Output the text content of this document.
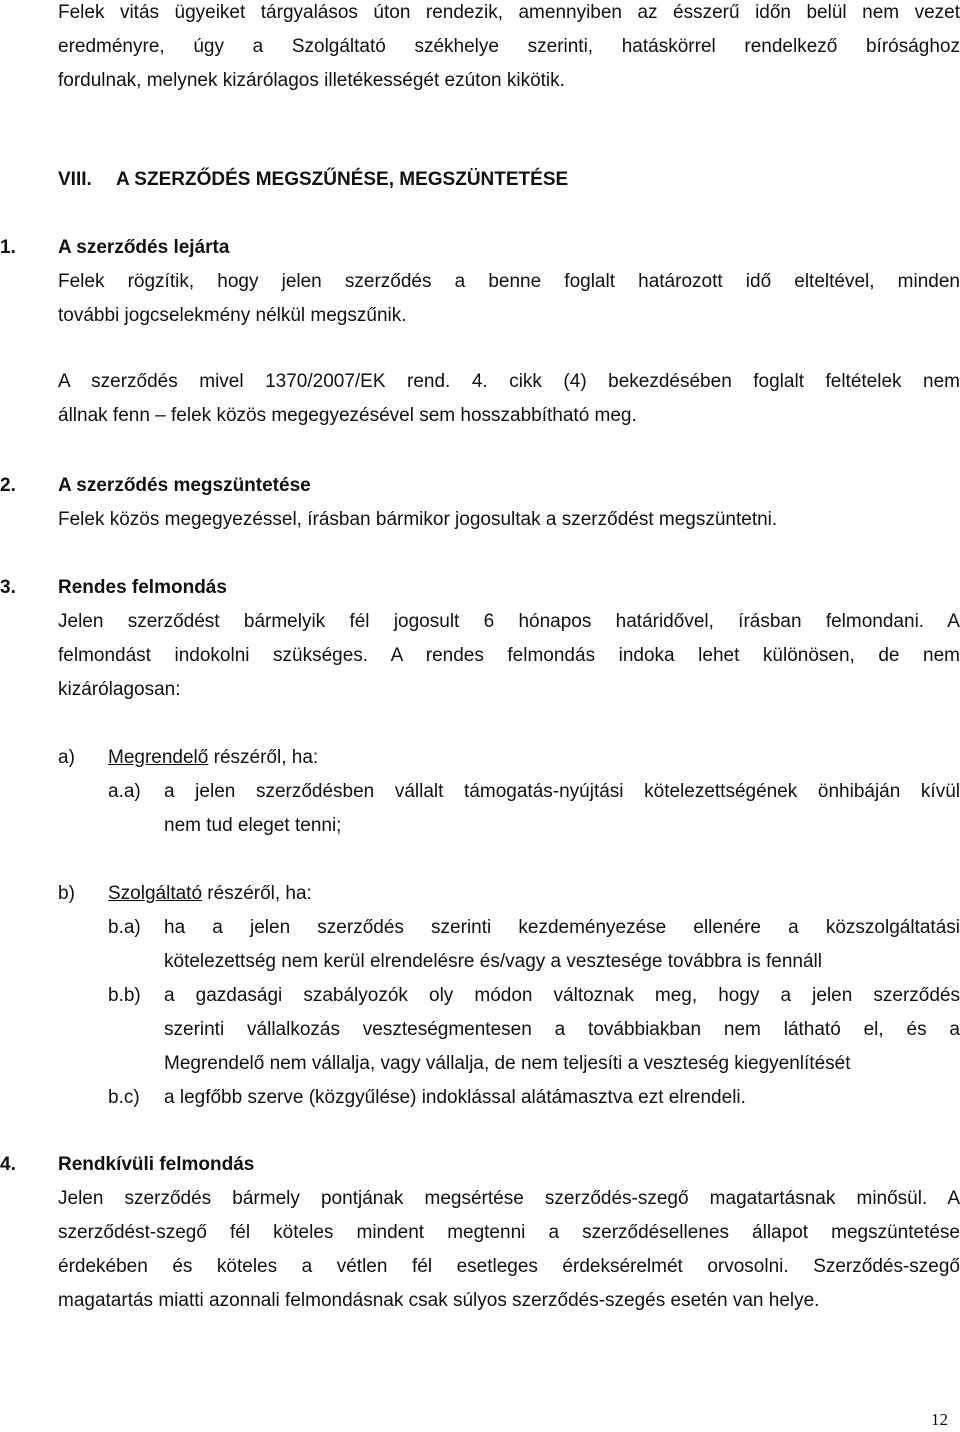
Felek vitás ügyeiket tárgyalásos úton rendezik, amennyiben az ésszerű időn belül nem vezet

eredményre, úgy a Szolgáltató székhelye szerinti, hatáskörrel rendelkező bírósághoz

fordulnak, melynek kizárólagos illetékességét ezúton kikötik.

VIII.	A SZERZŐDÉS MEGSZŰNÉSE, MEGSZÜNTETÉSE
1. A szerződés lejárta

Felek rögzítik, hogy jelen szerződés a benne foglalt határozott idő elteltével, minden

további jogcselekmény nélkül megszűnik.

A szerződés mivel 1370/2007/EK rend. 4. cikk (4) bekezdésében foglalt feltételek nem

állnak fenn – felek közös megegyezésével sem hosszabbítható meg.

2. A szerződés megszüntetése

Felek közös megegyezéssel, írásban bármikor jogosultak a szerződést megszüntetni.

3. Rendes felmondás

Jelen szerződést bármelyik fél jogosult 6 hónapos határidővel, írásban felmondani. A

felmondást indokolni szükséges. A rendes felmondás indoka lehet különösen, de nem

kizárólagosan:

a)	Megrendelő részéről, ha:
a.a)	a jelen szerződésben vállalt támogatás-nyújtási kötelezettségének önhibáján kívül

nem tud eleget tenni;

b)	Szolgáltató részéről, ha:
b.a)	ha a jelen szerződés szerinti kezdeményezése ellenére a közszolgáltatási

kötelezettség nem kerül elrendelésre és/vagy a vesztesége továbbra is fennáll

b.b)	a gazdasági szabályozók oly módon változnak meg, hogy a jelen szerződés

szerinti vállalkozás veszteségmentesen a továbbiakban nem látható el, és a

Megrendelő nem vállalja, vagy vállalja, de nem teljesíti a veszteség kiegyenlítését

b.c)	a legfőbb szerve (közgyűlése) indoklással alátámasztva ezt elrendeli.

4. Rendkívüli felmondás

Jelen szerződés bármely pontjának megsértése szerződés-szegő magatartásnak minősül. A

szerződést-szegő fél köteles mindent megtenni a szerződésellenes állapot megszüntetése

érdekében és köteles a vétlen fél esetleges érdeksérelmét orvosolni. Szerződés-szegő

magatartás miatti azonnali felmondásnak csak súlyos szerződés-szegés esetén van helye.

12
